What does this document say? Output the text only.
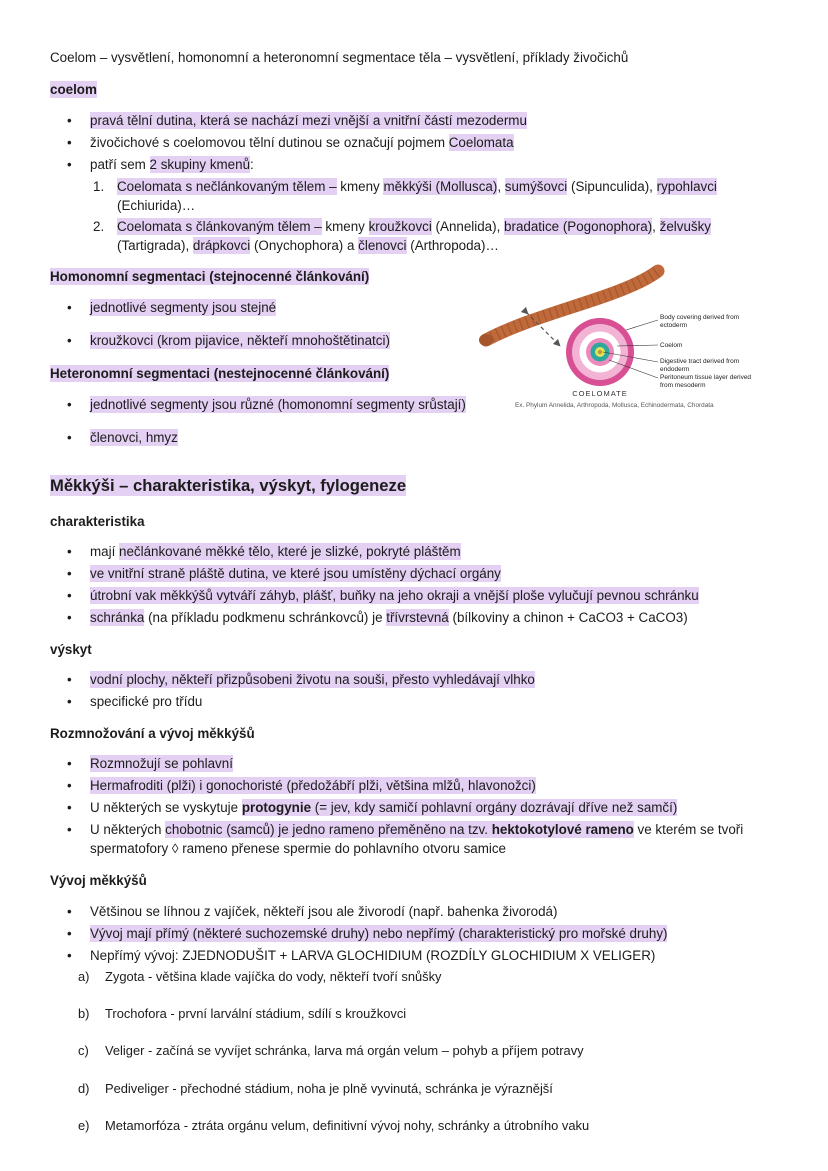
Coelom – vysvětlení, homonomní a heteronomní segmentace těla – vysvětlení, příklady živočichů
coelom
•	pravá tělní dutina, která se nachází mezi vnější a vnitřní částí mezodermu
•	živočichové s coelomovou tělní dutinou se označují pojmem Coelomata
•	patří sem 2 skupiny kmenů:
1. Coelomata s nečlánkovaným tělem – kmeny měkkýši (Mollusca), sumýšovci (Sipunculida), rypohlavci (Echiurida)…
2. Coelomata s článkovaným tělem – kmeny kroužkovci (Annelida), bradatice (Pogonophora), želvušky (Tartigrada), drápkovci (Onychophora) a členovci (Arthropoda)…
Homonomní segmentaci (stejnocenné článkování)
•	jednotlivé segmenty jsou stejné
•	kroužkovci (krom pijavice, někteří mnohoštětinatci)
Heteronomní segmentaci (nestejnocenné článkování)
•	jednotlivé segmenty jsou různé (homonomní segmenty srůstají)
•	členovci, hmyz
Měkkýši – charakteristika, výskyt, fylogeneze
charakteristika
•	mají nečlánkované měkké tělo, které je slizké, pokryté pláštěm
•	ve vnitřní straně pláště dutina, ve které jsou umístěny dýchací orgány
•	útrobní vak měkkýšů vytváří záhyb, plášť, buňky na jeho okraji a vnější ploše vylučují pevnou schránku
•	schránka (na příkladu podkmenu schránkovců) je třívrstevná (bílkoviny a chinon + CaCO3 + CaCO3)
výskyt
•	vodní plochy, někteří přizpůsobeni životu na souši, přesto vyhledávají vlhko
•	specifické pro třídu
Rozmnožování a vývoj měkkýšů
•	Rozmnožují se pohlavní
•	Hermafroditi (plži) i gonochoristé (předožábří plži, většina mlžů, hlavonožci)
•	U některých se vyskytuje protogynie (= jev, kdy samičí pohlavní orgány dozrávají dříve než samčí)
•	U některých chobotnic (samců) je jedno rameno přeměněno na tzv. hektokotylové rameno ve kterém se tvoři spermatofory ◊ rameno přenese spermie do pohlavního otvoru samice
Vývoj měkkýšů
•	Většinou se líhnou z vajíček, někteří jsou ale živorodí (např. bahenka živorodá)
•	Vývoj mají přímý (některé suchozemské druhy) nebo nepřímý (charakteristický pro mořské druhy)
•	Nepřímý vývoj: ZJEDNODUŠIT + LARVA GLOCHIDIUM (ROZDÍLY GLOCHIDIUM X VELIGER)
a)	Zygota - většina klade vajíčka do vody, někteří tvoří snůšky
b)	Trochofora - první larvální stádium, sdílí s kroužkovci
c)	Veliger - začíná se vyvíjet schránka, larva má orgán velum – pohyb a příjem potravy
d)	Pediveliger - přechodné stádium, noha je plně vyvinutá, schránka je výraznější
e)	Metamorfóza - ztráta orgánu velum, definitivní vývoj nohy, schránky a útrobního vaku
Body covering derived from ectoderm
Coelom
Digestive tract derived from endoderm
Peritoneum tissue layer derived from mesoderm
COELOMATE
Ex. Phylum Annelida, Arthropoda, Mollusca, Echinodermata, Chordata
